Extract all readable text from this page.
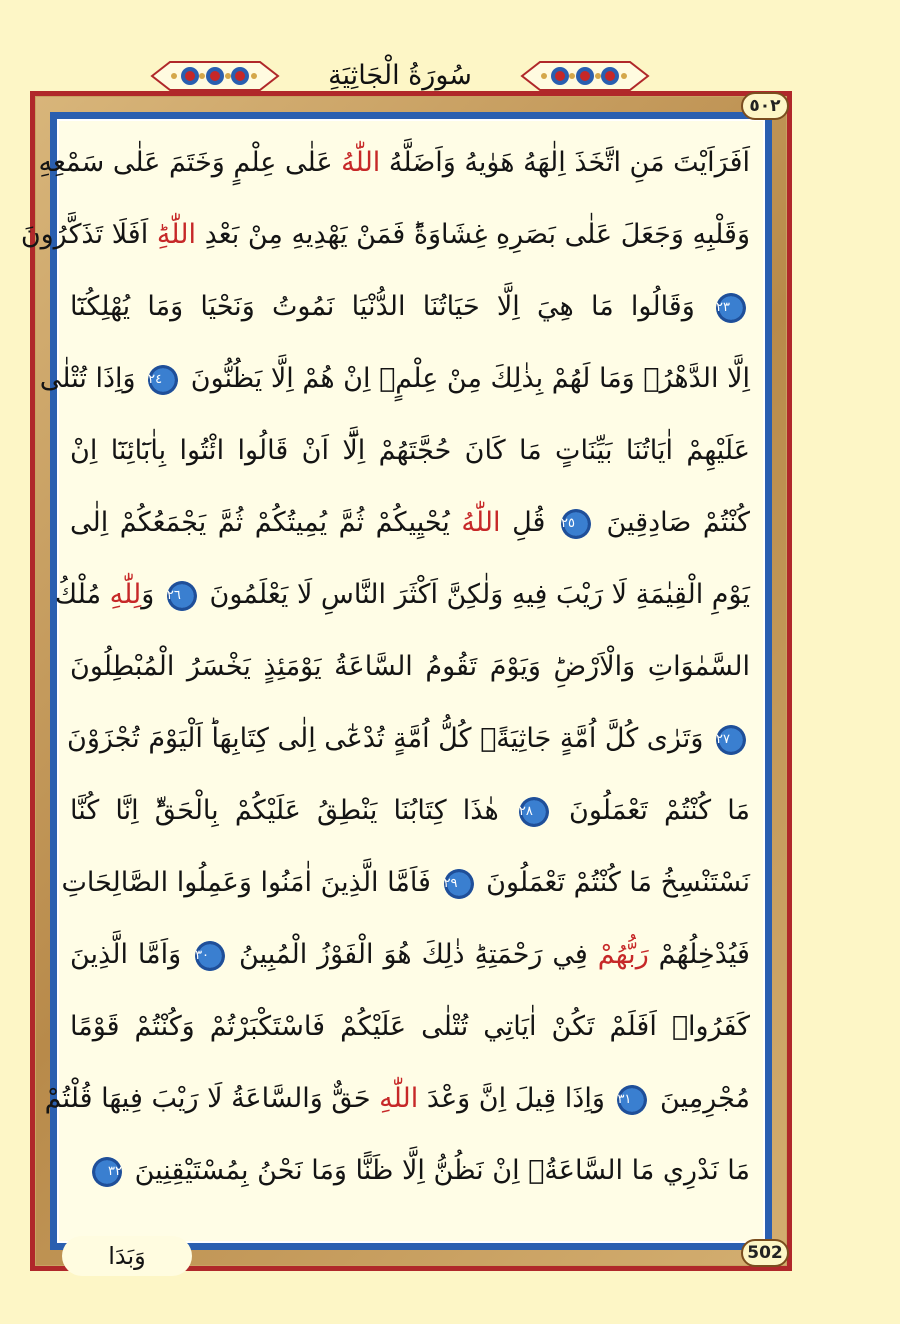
سُورَةُ الْجَاثِيَةِ
٥٠٢
اَفَرَاَيْتَ مَنِ اتَّخَذَ اِلٰهَهُ هَوٰيهُ وَاَضَلَّهُ اللّٰهُ عَلٰى عِلْمٍ وَخَتَمَ عَلٰى سَمْعِهِ
وَقَلْبِهِ وَجَعَلَ عَلٰى بَصَرِهِ غِشَاوَةًؕ فَمَنْ يَهْدِيهِ مِنْ بَعْدِ اللّٰهِؕ اَفَلَا تَذَكَّرُونَ
٢٣ وَقَالُوا مَا هِيَ اِلَّا حَيَاتُنَا الدُّنْيَا نَمُوتُ وَنَحْيَا وَمَا يُهْلِكُنَٓا
اِلَّا الدَّهْرُۚ وَمَا لَهُمْ بِذٰلِكَ مِنْ عِلْمٍۚ اِنْ هُمْ اِلَّا يَظُنُّونَ ٢٤ وَاِذَا تُتْلٰى
عَلَيْهِمْ اٰيَاتُنَا بَيِّنَاتٍ مَا كَانَ حُجَّتَهُمْ اِلَّٓا اَنْ قَالُوا ائْتُوا بِاٰبَٓائِنَٓا اِنْ
كُنْتُمْ صَادِقِينَ ٢٥ قُلِ اللّٰهُ يُحْيِيكُمْ ثُمَّ يُمِيتُكُمْ ثُمَّ يَجْمَعُكُمْ اِلٰى
يَوْمِ الْقِيٰمَةِ لَا رَيْبَ فِيهِ وَلٰكِنَّ اَكْثَرَ النَّاسِ لَا يَعْلَمُونَ ٢٦ وَلِلّٰهِ مُلْكُ
السَّمٰوَاتِ وَالْاَرْضِؕ وَيَوْمَ تَقُومُ السَّاعَةُ يَوْمَئِذٍ يَخْسَرُ الْمُبْطِلُونَ
٢٧ وَتَرٰى كُلَّ اُمَّةٍ جَاثِيَةًࣞ كُلُّ اُمَّةٍ تُدْعٰٓى اِلٰى كِتَابِهَاؕ اَلْيَوْمَ تُجْزَوْنَ
مَا كُنْتُمْ تَعْمَلُونَ ٢٨ هٰذَا كِتَابُنَا يَنْطِقُ عَلَيْكُمْ بِالْحَقِّؕ اِنَّا كُنَّا
نَسْتَنْسِخُ مَا كُنْتُمْ تَعْمَلُونَ ٢٩ فَاَمَّا الَّذِينَ اٰمَنُوا وَعَمِلُوا الصَّالِحَاتِ
فَيُدْخِلُهُمْ رَبُّهُمْ فِي رَحْمَتِهِؕ ذٰلِكَ هُوَ الْفَوْزُ الْمُبِينُ ٣٠ وَاَمَّا الَّذِينَ
كَفَرُواࣞ اَفَلَمْ تَكُنْ اٰيَاتِي تُتْلٰى عَلَيْكُمْ فَاسْتَكْبَرْتُمْ وَكُنْتُمْ قَوْمًا
مُجْرِمِينَ ٣١ وَاِذَا قِيلَ اِنَّ وَعْدَ اللّٰهِ حَقٌّ وَالسَّاعَةُ لَا رَيْبَ فِيهَا قُلْتُمْ
مَا نَدْرِي مَا السَّاعَةُۙ اِنْ نَظُنُّ اِلَّا ظَنًّا وَمَا نَحْنُ بِمُسْتَيْقِنِينَ ٣٢
502
وَبَدَا
